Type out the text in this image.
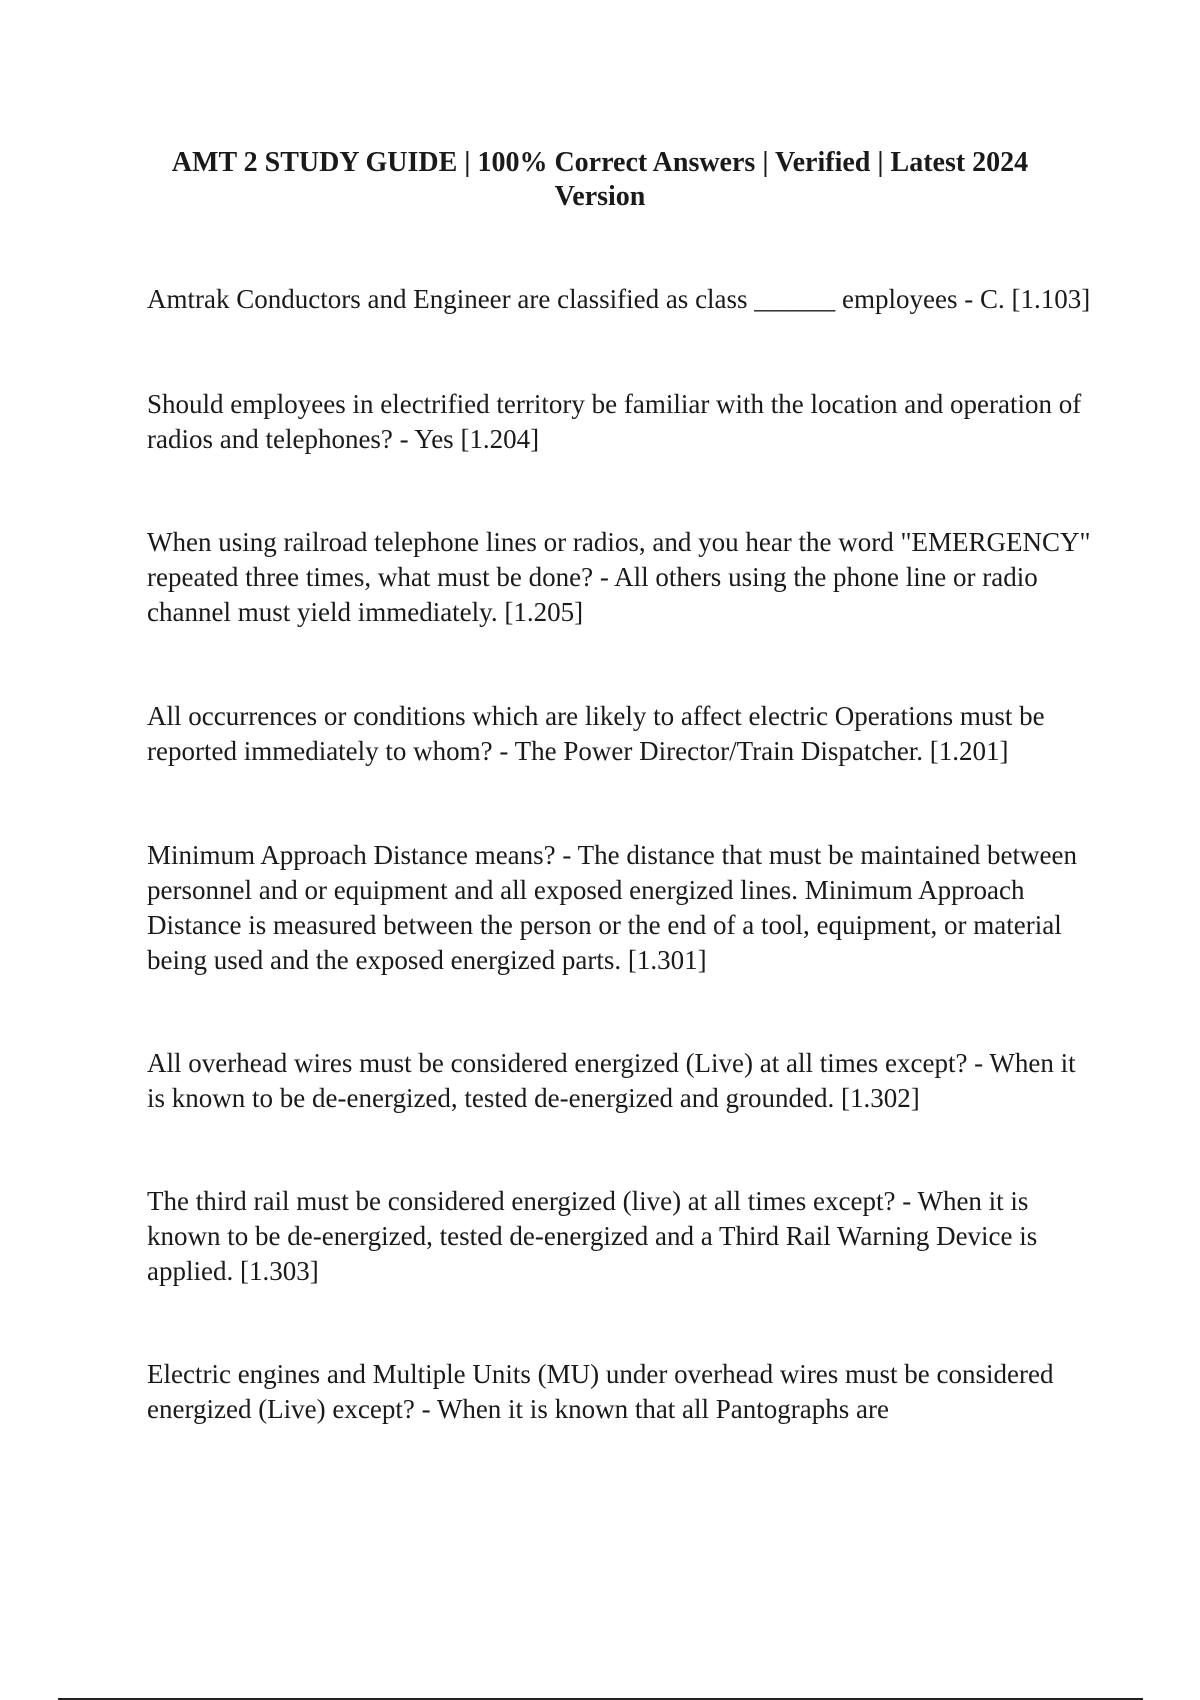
AMT 2 STUDY GUIDE | 100% Correct Answers | Verified | Latest 2024 Version

Amtrak Conductors and Engineer are classified as class ______ employees - C. [1.103]

Should employees in electrified territory be familiar with the location and operation of radios and telephones? - Yes [1.204]

When using railroad telephone lines or radios, and you hear the word "EMERGENCY" repeated three times, what must be done? - All others using the phone line or radio channel must yield immediately. [1.205]

All occurrences or conditions which are likely to affect electric Operations must be reported immediately to whom? - The Power Director/Train Dispatcher. [1.201]

Minimum Approach Distance means? - The distance that must be maintained between personnel and or equipment and all exposed energized lines. Minimum Approach Distance is measured between the person or the end of a tool, equipment, or material being used and the exposed energized parts. [1.301]

All overhead wires must be considered energized (Live) at all times except? - When it is known to be de-energized, tested de-energized and grounded. [1.302]

The third rail must be considered energized (live) at all times except? - When it is known to be de-energized, tested de-energized and a Third Rail Warning Device is applied. [1.303]

Electric engines and Multiple Units (MU) under overhead wires must be considered energized (Live) except? - When it is known that all Pantographs are
